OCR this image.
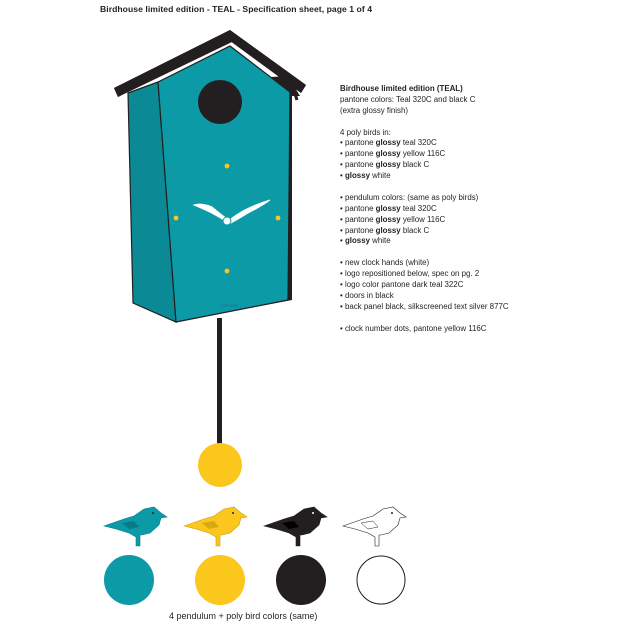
Birdhouse limited edition - TEAL - Specification sheet, page 1 of 4
KOO KOO
Birdhouse limited edition (TEAL)
pantone colors: Teal 320C and black C
(extra glossy finish)
4 poly birds in:
• pantone glossy teal 320C
• pantone glossy yellow 116C
• pantone glossy black C
• glossy white
• pendulum colors: (same as poly birds)
• pantone glossy teal 320C
• pantone glossy yellow 116C
• pantone glossy black C
• glossy white
• new clock hands (white)
• logo repositioned below, spec on pg. 2
• logo color pantone dark teal 322C
• doors in black
• back panel black, silkscreened text silver 877C
• clock number dots, pantone yellow 116C
4 pendulum + poly bird colors (same)
